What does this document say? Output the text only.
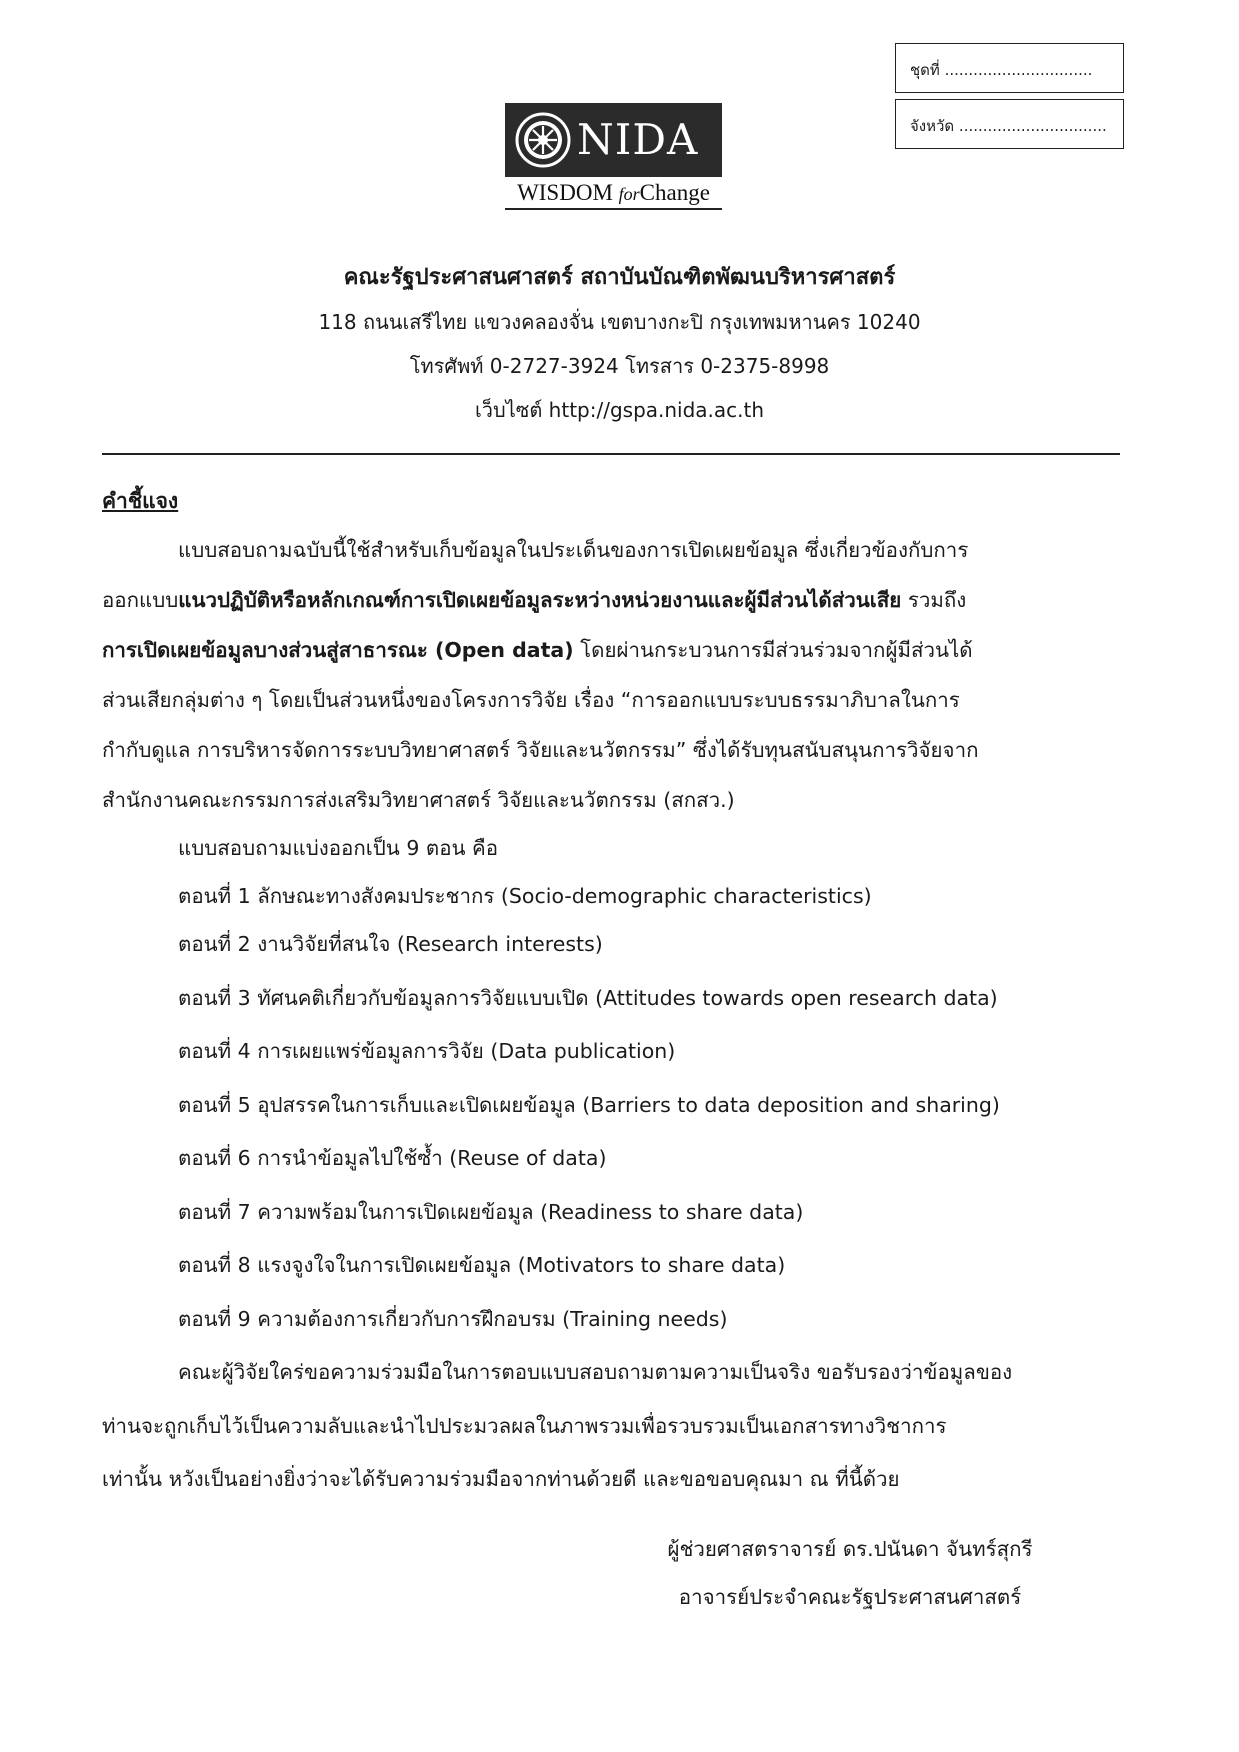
ชุดที่ ...............................
จังหวัด ...............................
NIDA
WISDOM forChange
คณะรัฐประศาสนศาสตร์ สถาบันบัณฑิตพัฒนบริหารศาสตร์
118 ถนนเสรีไทย แขวงคลองจั่น เขตบางกะปิ กรุงเทพมหานคร 10240
โทรศัพท์ 0-2727-3924 โทรสาร 0-2375-8998
เว็บไซต์ http://gspa.nida.ac.th
คำชี้แจง
แบบสอบถามฉบับนี้ใช้สำหรับเก็บข้อมูลในประเด็นของการเปิดเผยข้อมูล ซึ่งเกี่ยวข้องกับการ
ออกแบบแนวปฏิบัติหรือหลักเกณฑ์การเปิดเผยข้อมูลระหว่างหน่วยงานและผู้มีส่วนได้ส่วนเสีย รวมถึง
การเปิดเผยข้อมูลบางส่วนสู่สาธารณะ (Open data) โดยผ่านกระบวนการมีส่วนร่วมจากผู้มีส่วนได้
ส่วนเสียกลุ่มต่าง ๆ โดยเป็นส่วนหนึ่งของโครงการวิจัย เรื่อง “การออกแบบระบบธรรมาภิบาลในการ
กำกับดูแล การบริหารจัดการระบบวิทยาศาสตร์ วิจัยและนวัตกรรม” ซึ่งได้รับทุนสนับสนุนการวิจัยจาก
สำนักงานคณะกรรมการส่งเสริมวิทยาศาสตร์ วิจัยและนวัตกรรม (สกสว.)
แบบสอบถามแบ่งออกเป็น 9 ตอน คือ
ตอนที่ 1 ลักษณะทางสังคมประชากร (Socio-demographic characteristics)
ตอนที่ 2 งานวิจัยที่สนใจ (Research interests)
ตอนที่ 3 ทัศนคติเกี่ยวกับข้อมูลการวิจัยแบบเปิด (Attitudes towards open research data)
ตอนที่ 4 การเผยแพร่ข้อมูลการวิจัย (Data publication)
ตอนที่ 5 อุปสรรคในการเก็บและเปิดเผยข้อมูล (Barriers to data deposition and sharing)
ตอนที่ 6 การนำข้อมูลไปใช้ซ้ำ (Reuse of data)
ตอนที่ 7 ความพร้อมในการเปิดเผยข้อมูล (Readiness to share data)
ตอนที่ 8 แรงจูงใจในการเปิดเผยข้อมูล (Motivators to share data)
ตอนที่ 9 ความต้องการเกี่ยวกับการฝึกอบรม (Training needs)
คณะผู้วิจัยใคร่ขอความร่วมมือในการตอบแบบสอบถามตามความเป็นจริง ขอรับรองว่าข้อมูลของ
ท่านจะถูกเก็บไว้เป็นความลับและนำไปประมวลผลในภาพรวมเพื่อรวบรวมเป็นเอกสารทางวิชาการ
เท่านั้น หวังเป็นอย่างยิ่งว่าจะได้รับความร่วมมือจากท่านด้วยดี และขอขอบคุณมา ณ ที่นี้ด้วย
ผู้ช่วยศาสตราจารย์ ดร.ปนันดา จันทร์สุกรี
อาจารย์ประจำคณะรัฐประศาสนศาสตร์
